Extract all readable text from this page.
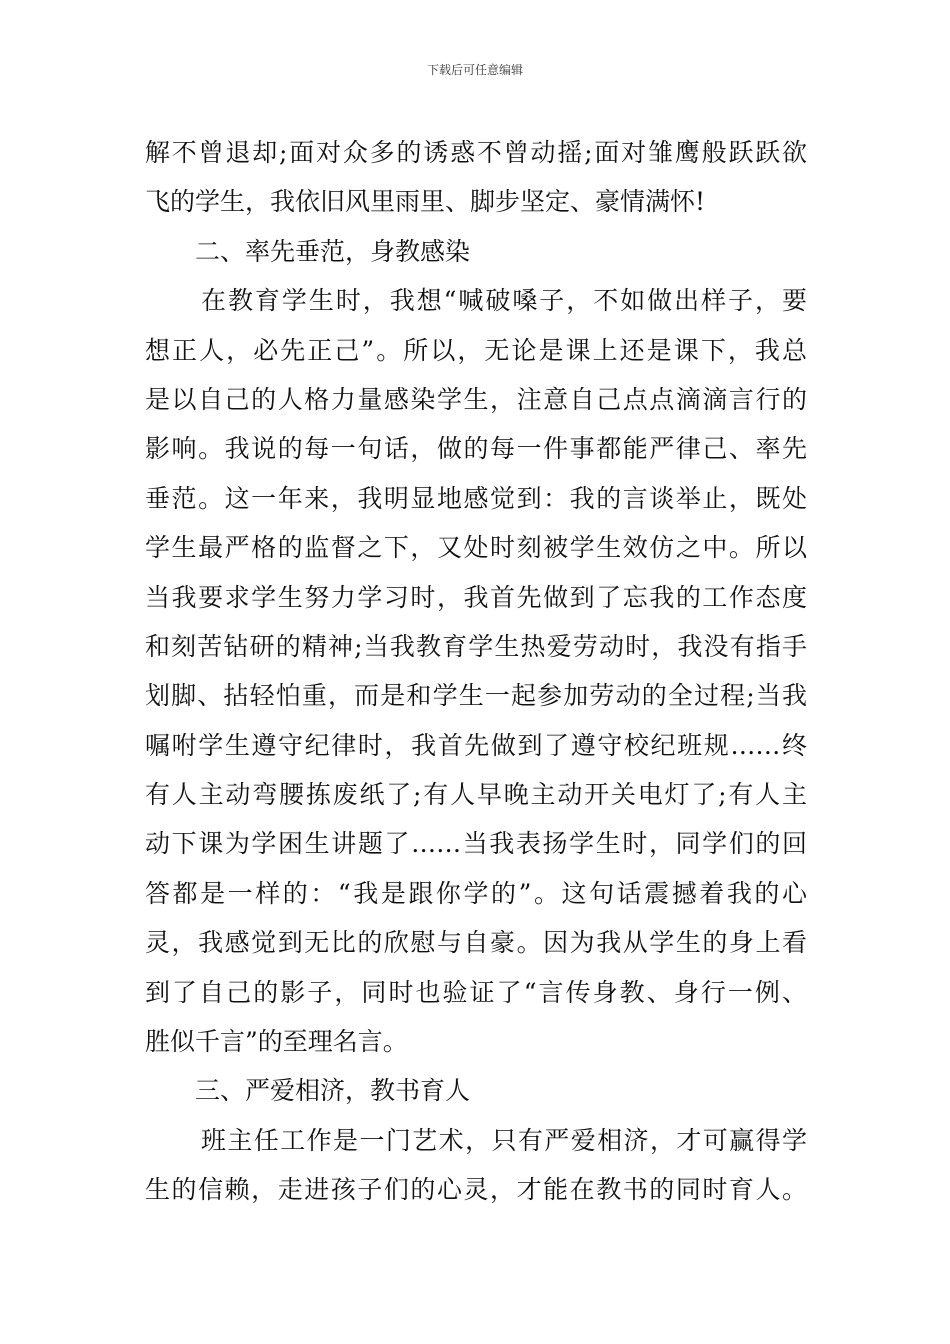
下载后可任意编辑
解不曾退却;面对众多的诱惑不曾动摇;面对雏鹰般跃跃欲
飞的学生，我依旧风里雨里、脚步坚定、豪情满怀!
二、率先垂范，身教感染
在教育学生时，我想“喊破嗓子，不如做出样子，要
想正人，必先正己”。所以，无论是课上还是课下，我总
是以自己的人格力量感染学生，注意自己点点滴滴言行的
影响。我说的每一句话，做的每一件事都能严律己、率先
垂范。这一年来，我明显地感觉到：我的言谈举止，既处
学生最严格的监督之下，又处时刻被学生效仿之中。所以
当我要求学生努力学习时，我首先做到了忘我的工作态度
和刻苦钻研的精神;当我教育学生热爱劳动时，我没有指手
划脚、拈轻怕重，而是和学生一起参加劳动的全过程;当我
嘱咐学生遵守纪律时，我首先做到了遵守校纪班规……终
有人主动弯腰拣废纸了;有人早晚主动开关电灯了;有人主
动下课为学困生讲题了……当我表扬学生时，同学们的回
答都是一样的：“我是跟你学的”。这句话震撼着我的心
灵，我感觉到无比的欣慰与自豪。因为我从学生的身上看
到了自己的影子，同时也验证了“言传身教、身行一例、
胜似千言”的至理名言。
三、严爱相济，教书育人
班主任工作是一门艺术，只有严爱相济，才可赢得学
生的信赖，走进孩子们的心灵，才能在教书的同时育人。
